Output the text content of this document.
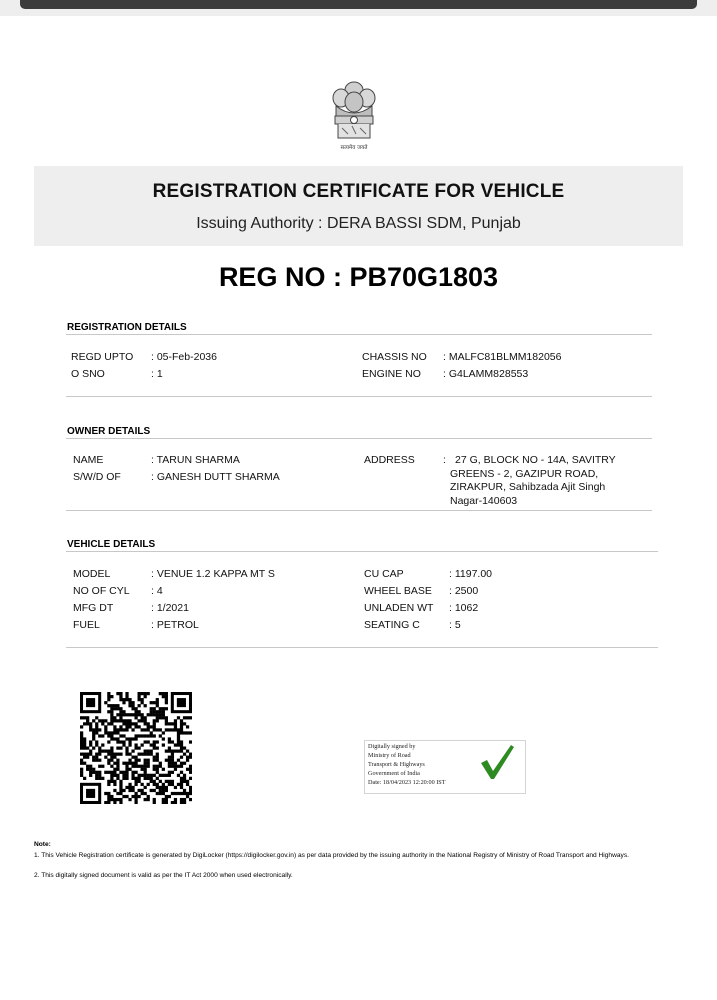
सत्यमेव जयते
REGISTRATION CERTIFICATE FOR VEHICLE
Issuing Authority : DERA BASSI SDM, Punjab
REG NO : PB70G1803
REGISTRATION DETAILS
REGD UPTO : 05-Feb-2036
O SNO	: 1
CHASSIS NO : MALFC81BLMM182056
ENGINE NO : G4LAMM828553
OWNER DETAILS
NAME	: TARUN SHARMA
S/W/D OF	: GANESH DUTT SHARMA
ADDRESS	: 27 G, BLOCK NO - 14A, SAVITRY GREENS - 2, GAZIPUR ROAD, ZIRAKPUR, Sahibzada Ajit Singh Nagar-140603
VEHICLE DETAILS
MODEL	: VENUE 1.2 KAPPA MT S
NO OF CYL : 4
MFG DT	: 1/2021
FUEL	: PETROL
CU CAP	: 1197.00
WHEEL BASE : 2500
UNLADEN WT : 1062
SEATING C	: 5
Digitally signed by
Ministry of Road
Transport & Highways
Government of India
Date: 18/04/2023 12:20:00 IST
Note:
1. This Vehicle Registration certificate is generated by DigiLocker (https://digilocker.gov.in) as per data provided by the issuing authority in the National Registry of Ministry of Road Transport and Highways.
2. This digitally signed document is valid as per the IT Act 2000 when used electronically.
